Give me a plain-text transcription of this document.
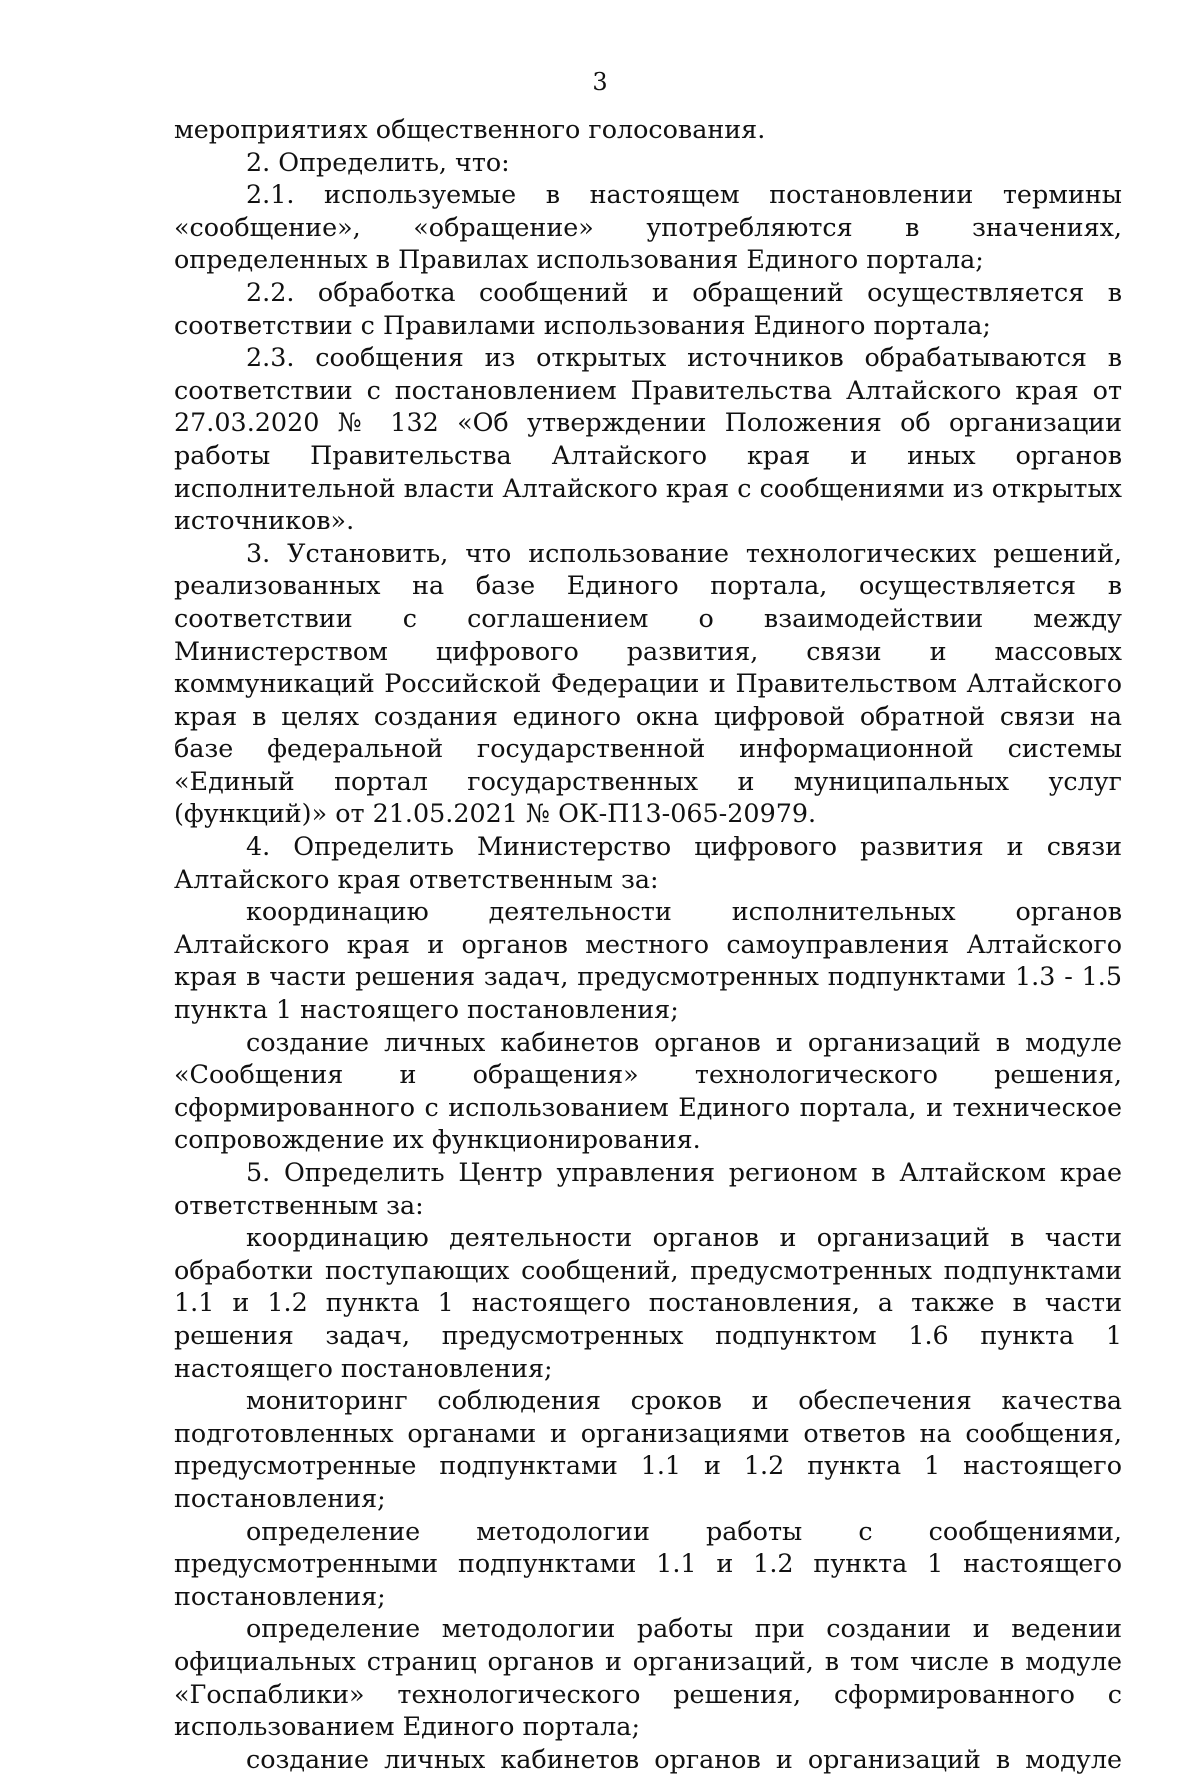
3

мероприятиях общественного голосования.

2. Определить, что:

2.1. используемые в настоящем постановлении термины «сообщение», «обращение» употребляются в значениях, определенных в Правилах использования Единого портала;

2.2. обработка сообщений и обращений осуществляется в соответствии с Правилами использования Единого портала;

2.3. сообщения из открытых источников обрабатываются в соответствии с постановлением Правительства Алтайского края от 27.03.2020 № 132 «Об утверждении Положения об организации работы Правительства Алтайского края и иных органов исполнительной власти Алтайского края с сообщениями из открытых источников».

3. Установить, что использование технологических решений, реализованных на базе Единого портала, осуществляется в соответствии с соглашением о взаимодействии между Министерством цифрового развития, связи и массовых коммуникаций Российской Федерации и Правительством Алтайского края в целях создания единого окна цифровой обратной связи на базе федеральной государственной информационной системы «Единый портал государственных и муниципальных услуг (функций)» от 21.05.2021 № ОК-П13-065-20979.

4. Определить Министерство цифрового развития и связи Алтайского края ответственным за:

координацию деятельности исполнительных органов Алтайского края и органов местного самоуправления Алтайского края в части решения задач, предусмотренных подпунктами 1.3 - 1.5 пункта 1 настоящего постановления;

создание личных кабинетов органов и организаций в модуле «Сообщения и обращения» технологического решения, сформированного с использованием Единого портала, и техническое сопровождение их функционирования.

5. Определить Центр управления регионом в Алтайском крае ответственным за:

координацию деятельности органов и организаций в части обработки поступающих сообщений, предусмотренных подпунктами 1.1 и 1.2 пункта 1 настоящего постановления, а также в части решения задач, предусмотренных подпунктом 1.6 пункта 1 настоящего постановления;

мониторинг соблюдения сроков и обеспечения качества подготовленных органами и организациями ответов на сообщения, предусмотренные подпунктами 1.1 и 1.2 пункта 1 настоящего постановления;

определение методологии работы с сообщениями, предусмотренными подпунктами 1.1 и 1.2 пункта 1 настоящего постановления;

определение методологии работы при создании и ведении официальных страниц органов и организаций, в том числе в модуле «Госпаблики» технологического решения, сформированного с использованием Единого портала;

создание личных кабинетов органов и организаций в модуле
